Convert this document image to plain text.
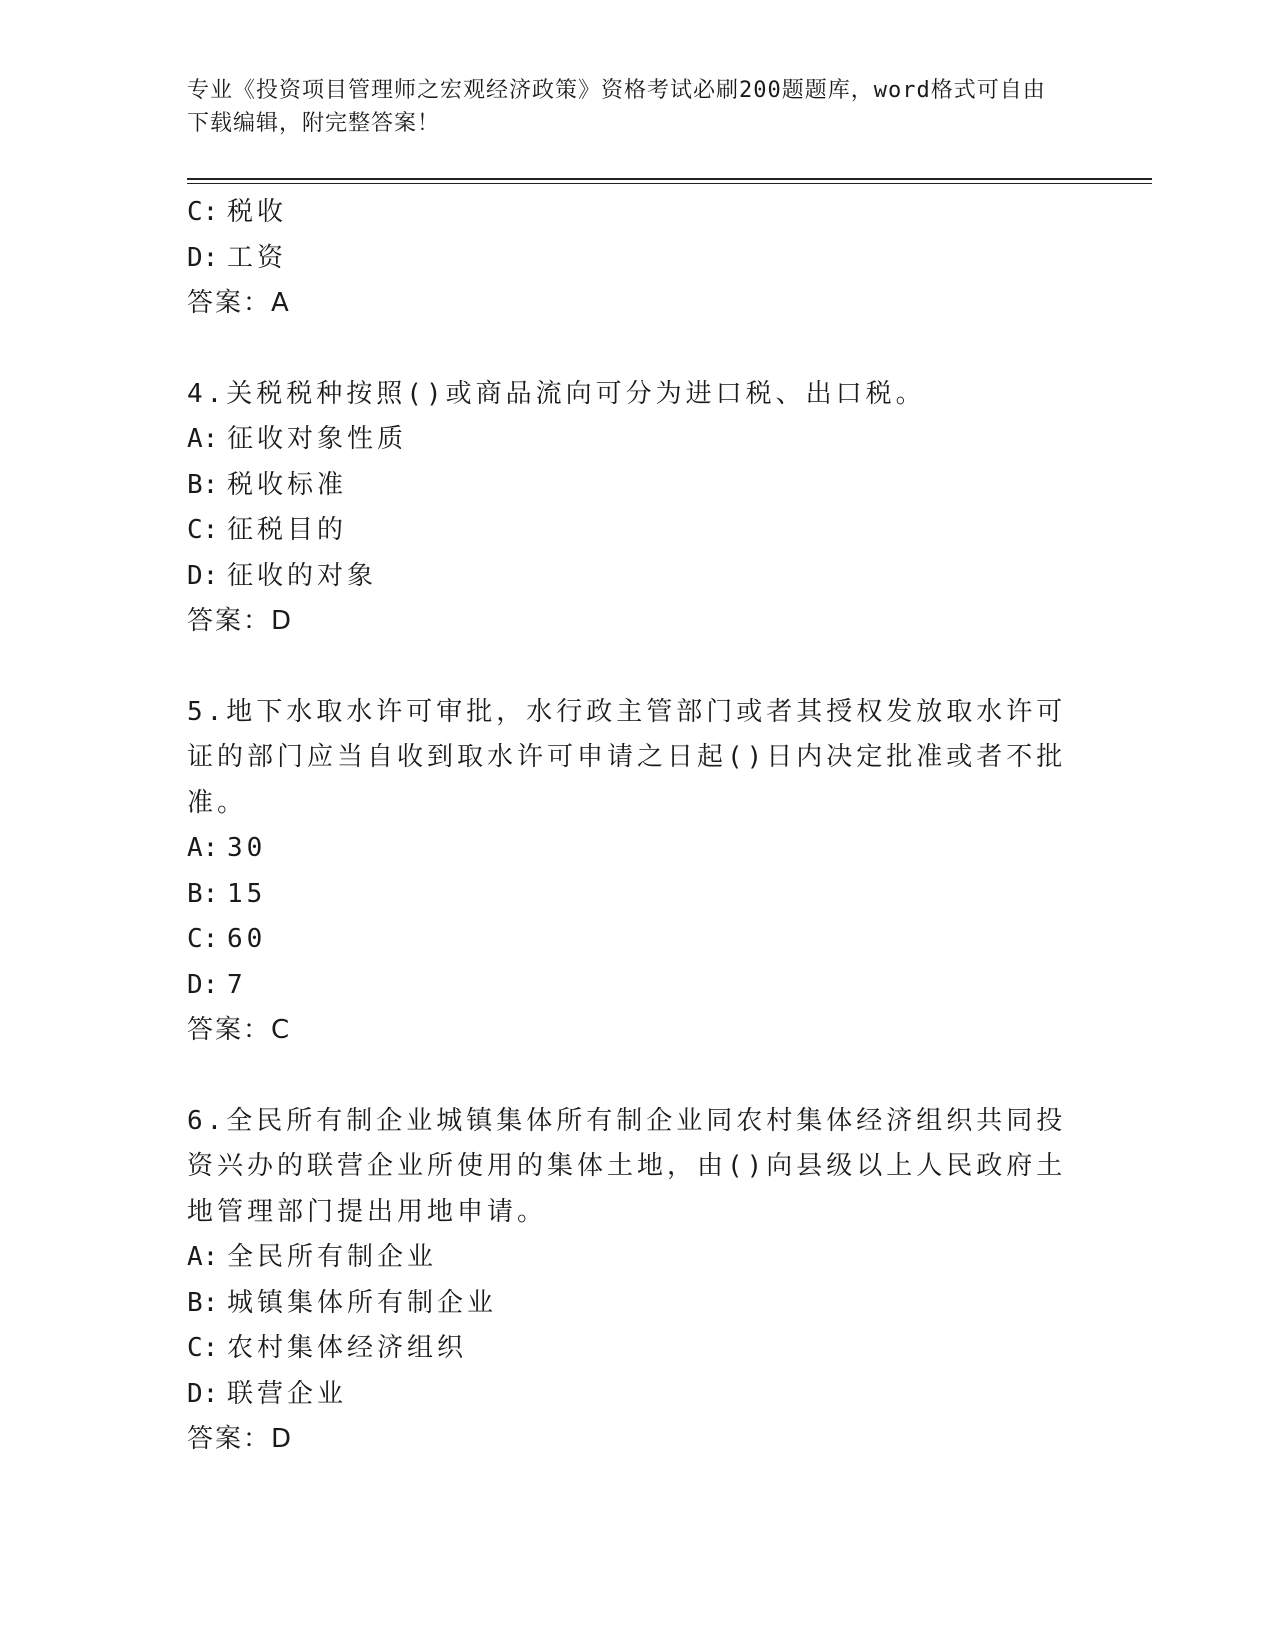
专业《投资项目管理师之宏观经济政策》资格考试必刷200题题库，word格式可自由下载编辑，附完整答案！
C: 税收
D: 工资
答案：A
4.关税税种按照()或商品流向可分为进口税、出口税。
A: 征收对象性质
B: 税收标准
C: 征税目的
D: 征收的对象
答案：D
5.地下水取水许可审批，水行政主管部门或者其授权发放取水许可证的部门应当自收到取水许可申请之日起()日内决定批准或者不批准。
A: 30
B: 15
C: 60
D: 7
答案：C
6.全民所有制企业城镇集体所有制企业同农村集体经济组织共同投资兴办的联营企业所使用的集体土地，由()向县级以上人民政府土地管理部门提出用地申请。
A: 全民所有制企业
B: 城镇集体所有制企业
C: 农村集体经济组织
D: 联营企业
答案：D
